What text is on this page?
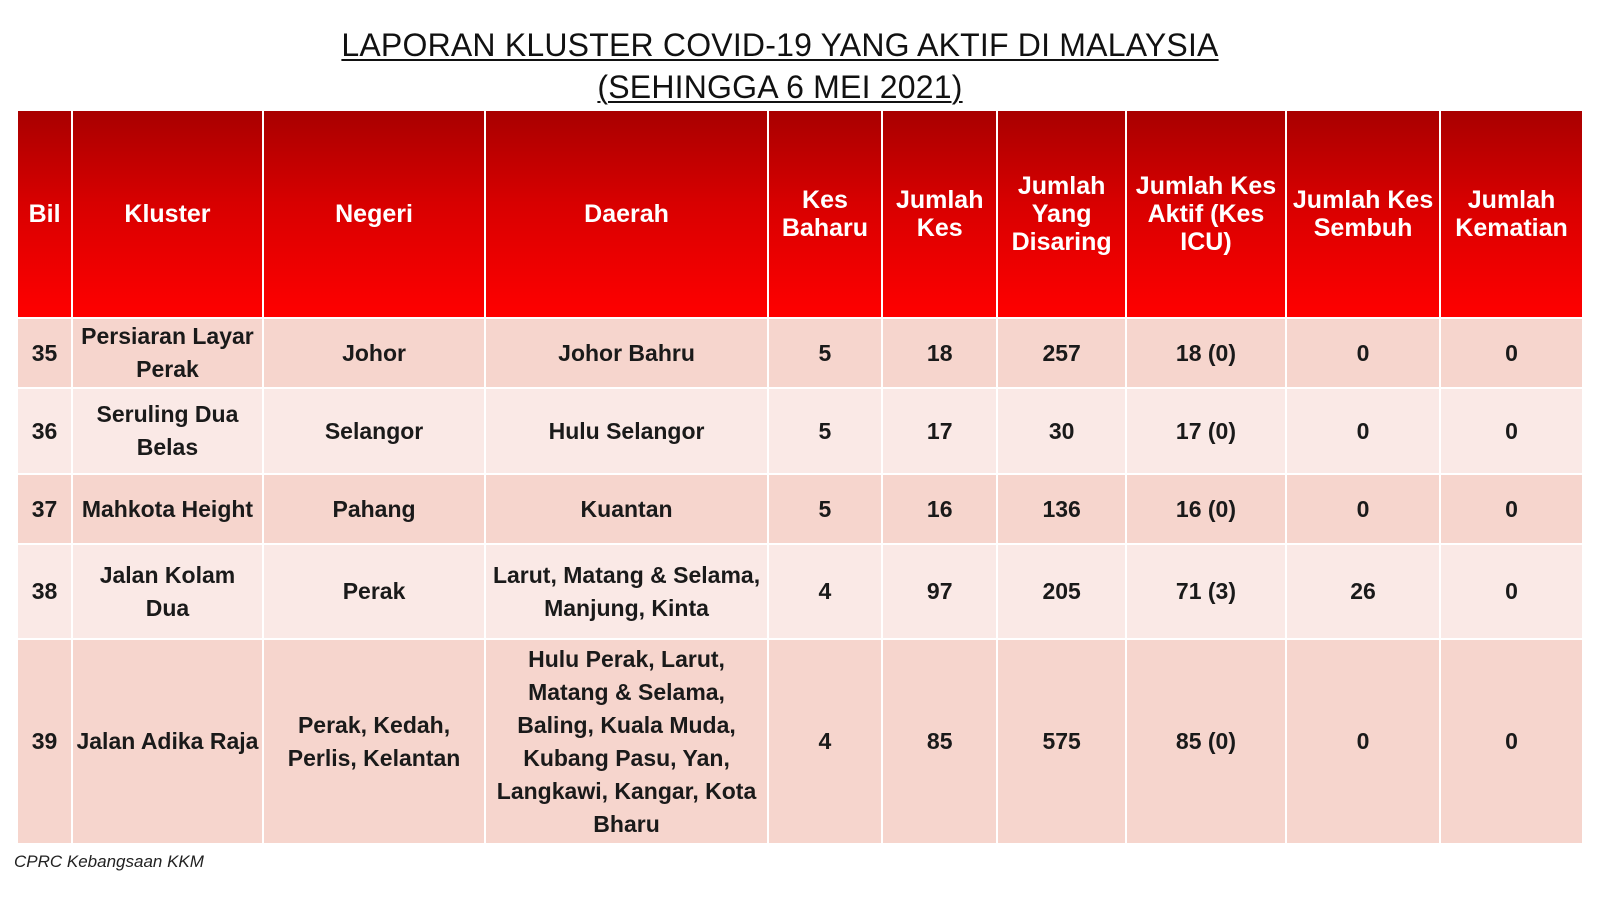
LAPORAN KLUSTER COVID-19 YANG AKTIF DI MALAYSIA
(SEHINGGA 6 MEI 2021)
Bil	Kluster	Negeri	Daerah	Kes Baharu	Jumlah Kes	Jumlah Yang Disaring	Jumlah Kes Aktif (Kes ICU)	Jumlah Kes Sembuh	Jumlah Kematian
35	Persiaran Layar Perak	Johor	Johor Bahru	5	18	257	18 (0)	0	0
36	Seruling Dua Belas	Selangor	Hulu Selangor	5	17	30	17 (0)	0	0
37	Mahkota Height	Pahang	Kuantan	5	16	136	16 (0)	0	0
38	Jalan Kolam Dua	Perak	Larut, Matang & Selama, Manjung, Kinta	4	97	205	71 (3)	26	0
39	Jalan Adika Raja	Perak, Kedah, Perlis, Kelantan	Hulu Perak, Larut, Matang & Selama, Baling, Kuala Muda, Kubang Pasu, Yan, Langkawi, Kangar, Kota Bharu	4	85	575	85 (0)	0	0
CPRC Kebangsaan KKM
